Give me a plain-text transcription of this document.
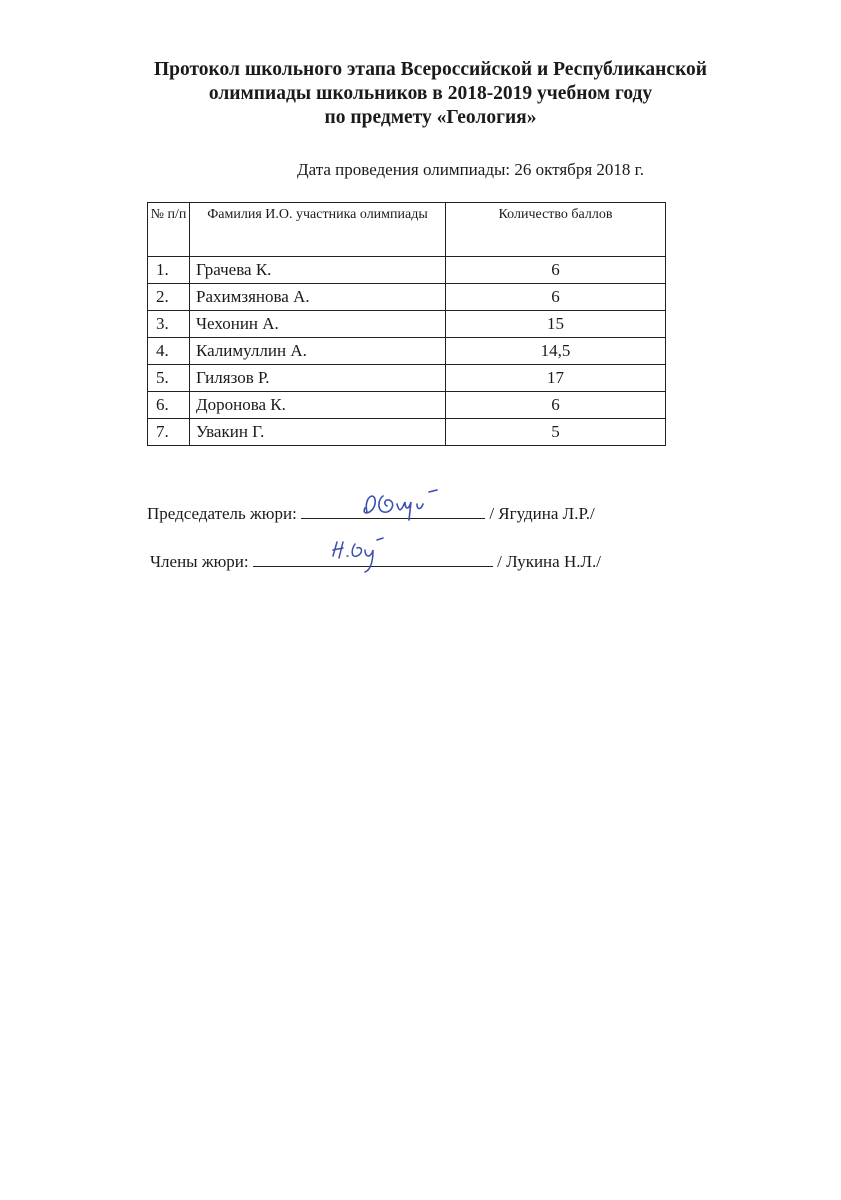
Протокол школьного этапа Всероссийской и Республиканской
олимпиады школьников в 2018-2019 учебном году
по предмету «Геология»
Дата проведения олимпиады: 26 октября 2018 г.
№ п/п	Фамилия И.О. участника олимпиады	Количество баллов
1.	Грачева К.	6
2.	Рахимзянова А.	6
3.	Чехонин А.	15
4.	Калимуллин А.	14,5
5.	Гилязов Р.	17
6.	Доронова К.	6
7.	Увакин Г.	5
Председатель жюри:	/ Ягудина Л.Р./
Члены жюри:	/ Лукина Н.Л./
